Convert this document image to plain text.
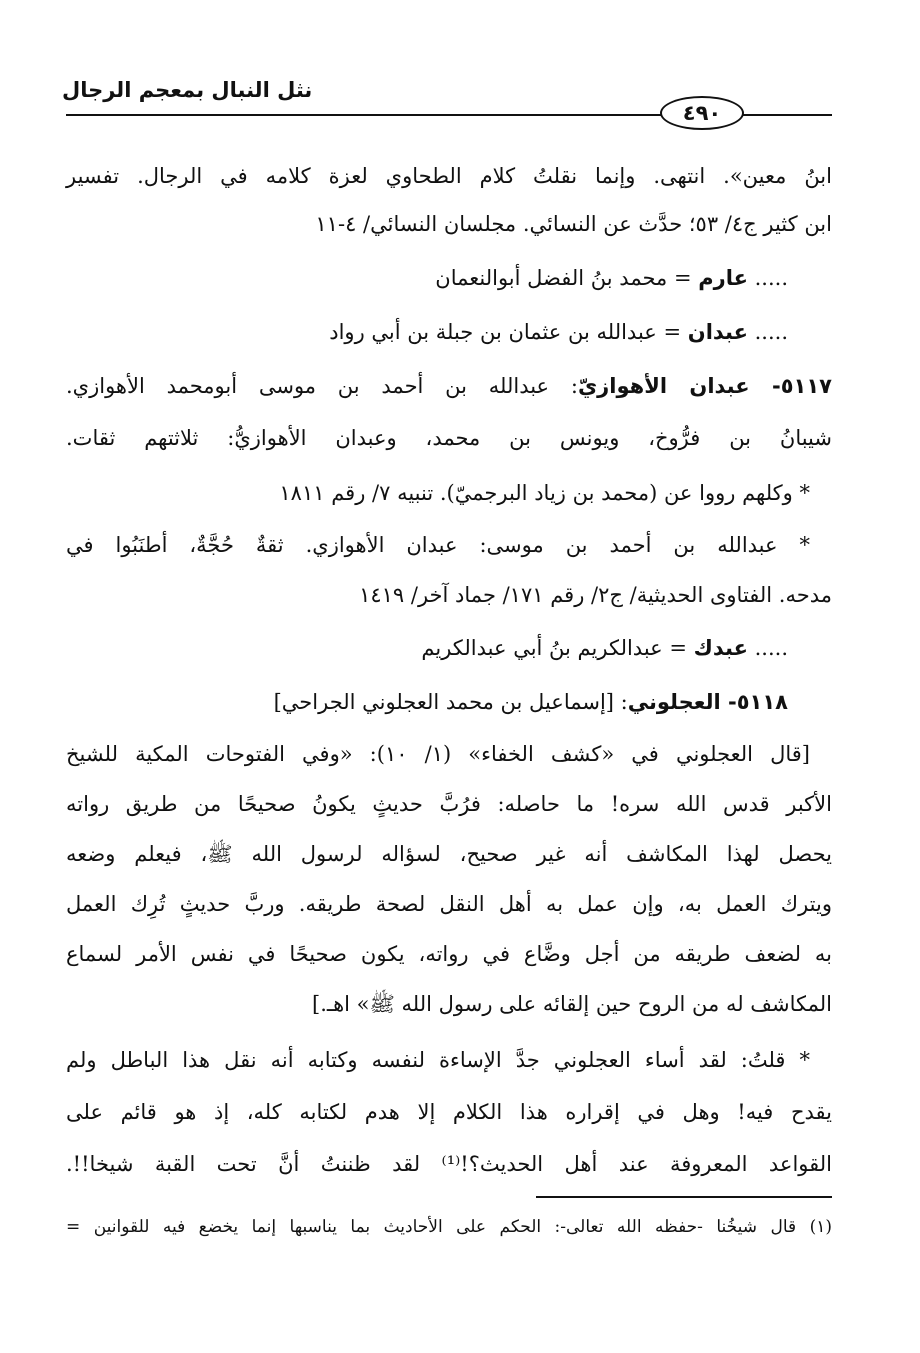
نثل النبال بمعجم الرجال
٤٩٠
ابنُ معين». انتهى. وإنما نقلتُ كلام الطحاوي لعزة كلامه في الرجال. تفسير
ابن كثير ج٤/ ٥٣؛ حدَّث عن النسائي. مجلسان النسائي/ ٤-١١
..... عارم = محمد بنُ الفضل أبوالنعمان
..... عبدان = عبدالله بن عثمان بن جبلة بن أبي رواد
٥١١٧- عبدان الأهوازيّ: عبدالله بن أحمد بن موسى أبومحمد الأهوازي.
شيبانُ بن فرُّوخ، ويونس بن محمد، وعبدان الأهوازيُّ: ثلاثتهم ثقات.
* وكلهم رووا عن (محمد بن زياد البرجميّ). تنبيه ٧/ رقم ١٨١١
* عبدالله بن أحمد بن موسى: عبدان الأهوازي. ثقةٌ حُجَّةٌ، أطنَبُوا في
مدحه. الفتاوى الحديثية/ ج٢/ رقم ١٧١/ جماد آخر/ ١٤١٩
..... عبدك = عبدالكريم بنُ أبي عبدالكريم
٥١١٨- العجلوني: [إسماعيل بن محمد العجلوني الجراحي]
[قال العجلوني في «كشف الخفاء» (١/ ١٠): «وفي الفتوحات المكية للشيخ
الأكبر قدس الله سره! ما حاصله: فرُبَّ حديثٍ يكونُ صحيحًا من طريق رواته
يحصل لهذا المكاشف أنه غير صحيح، لسؤاله لرسول الله ﷺ، فيعلم وضعه
ويترك العمل به، وإن عمل به أهل النقل لصحة طريقه. وربَّ حديثٍ تُرِك العمل
به لضعف طريقه من أجل وضَّاع في رواته، يكون صحيحًا في نفس الأمر لسماع
المكاشف له من الروح حين إلقائه على رسول الله ﷺ» اهـ.]
* قلتُ: لقد أساء العجلوني جدَّ الإساءة لنفسه وكتابه أنه نقل هذا الباطل ولم
يقدح فيه! وهل في إقراره هذا الكلام إلا هدم لكتابه كله، إذ هو قائم على
القواعد المعروفة عند أهل الحديث؟!⁽¹⁾ لقد ظننتُ أنَّ تحت القبة شيخا!!.
(١) قال شيخُنا -حفظه الله تعالى-: الحكم على الأحاديث بما يناسبها إنما يخضع فيه للقوانين =
